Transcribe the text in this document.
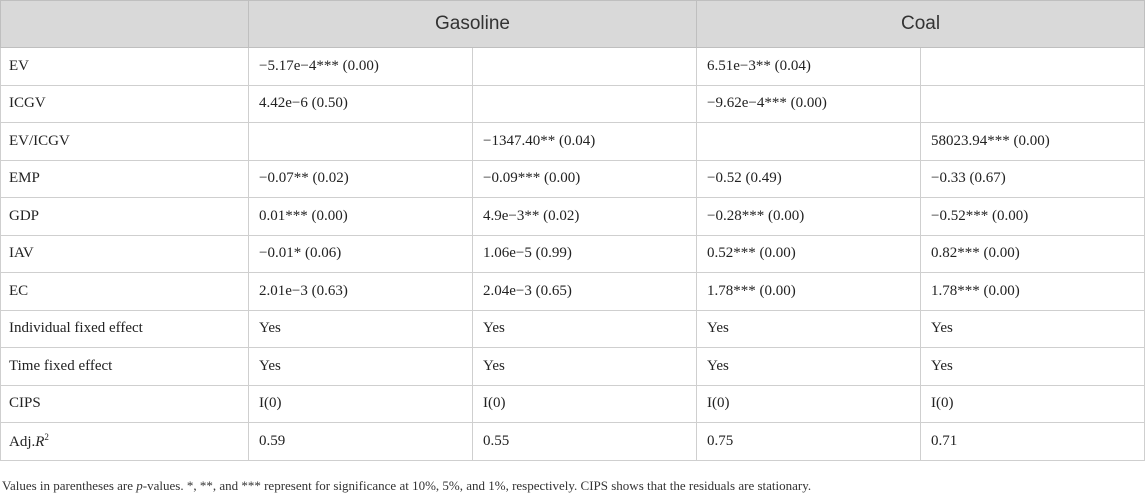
	Gasoline		Coal	
EV	−5.17e−4*** (0.00)		6.51e−3** (0.04)	
ICGV	4.42e−6 (0.50)		−9.62e−4*** (0.00)	
EV/ICGV		−1347.40** (0.04)		58023.94*** (0.00)
EMP	−0.07** (0.02)	−0.09*** (0.00)	−0.52 (0.49)	−0.33 (0.67)
GDP	0.01*** (0.00)	4.9e−3** (0.02)	−0.28*** (0.00)	−0.52*** (0.00)
IAV	−0.01* (0.06)	1.06e−5 (0.99)	0.52*** (0.00)	0.82*** (0.00)
EC	2.01e−3 (0.63)	2.04e−3 (0.65)	1.78*** (0.00)	1.78*** (0.00)
Individual fixed effect	Yes	Yes	Yes	Yes
Time fixed effect	Yes	Yes	Yes	Yes
CIPS	I(0)	I(0)	I(0)	I(0)
$Adj.R^2$	0.59	0.55	0.75	0.71
Values in parentheses are p-values. *, **, and *** represent for significance at 10%, 5%, and 1%, respectively. CIPS shows that the residuals are stationary.
